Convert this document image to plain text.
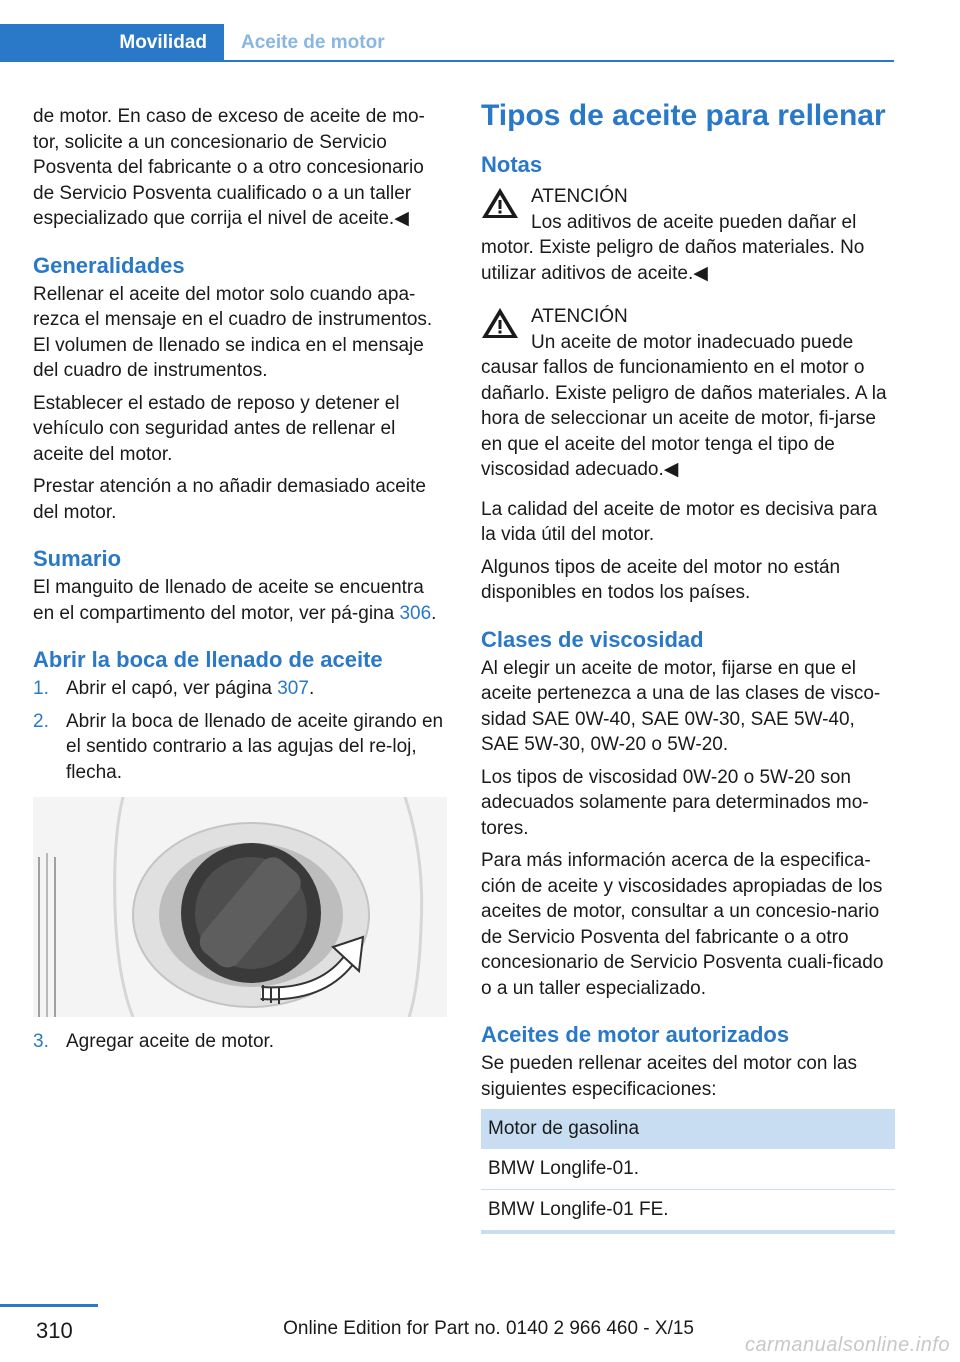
Movilidad	Aceite de motor

de motor. En caso de exceso de aceite de mo‐tor, solicite a un concesionario de Servicio Posventa del fabricante o a otro concesionario de Servicio Posventa cualificado o a un taller especializado que corrija el nivel de aceite.◀

Generalidades

Rellenar el aceite del motor solo cuando apa‐rezca el mensaje en el cuadro de instrumentos. El volumen de llenado se indica en el mensaje del cuadro de instrumentos.

Establecer el estado de reposo y detener el vehículo con seguridad antes de rellenar el aceite del motor.

Prestar atención a no añadir demasiado aceite del motor.

Sumario

El manguito de llenado de aceite se encuentra en el compartimento del motor, ver pá‐gina 306.

Abrir la boca de llenado de aceite
1. Abrir el capó, ver página 307.
2. Abrir la boca de llenado de aceite girando en el sentido contrario a las agujas del re‐loj, flecha.
3. Agregar aceite de motor.
Tipos de aceite para rellenar
Notas
ATENCIÓN
Los aditivos de aceite pueden dañar el
motor. Existe peligro de daños materiales. No utilizar aditivos de aceite.◀
ATENCIÓN
Un aceite de motor inadecuado puede
causar fallos de funcionamiento en el motor o dañarlo. Existe peligro de daños materiales. A la hora de seleccionar un aceite de motor, fi‐jarse en que el aceite del motor tenga el tipo de viscosidad adecuado.◀

La calidad del aceite de motor es decisiva para la vida útil del motor.

Algunos tipos de aceite del motor no están disponibles en todos los países.

Clases de viscosidad

Al elegir un aceite de motor, fijarse en que el aceite pertenezca a una de las clases de visco‐sidad SAE 0W-40, SAE 0W-30, SAE 5W-40, SAE 5W-30, 0W-20 o 5W-20.

Los tipos de viscosidad 0W-20 o 5W-20 son adecuados solamente para determinados mo‐tores.

Para más información acerca de la especifica‐ción de aceite y viscosidades apropiadas de los aceites de motor, consultar a un concesio‐nario de Servicio Posventa del fabricante o a otro concesionario de Servicio Posventa cuali‐ficado o a un taller especializado.

Aceites de motor autorizados

Se pueden rellenar aceites del motor con las siguientes especificaciones:

Motor de gasolina
BMW Longlife-01.
BMW Longlife-01 FE.
310	Online Edition for Part no. 0140 2 966 460 - X/15
carmanualsonline.info
